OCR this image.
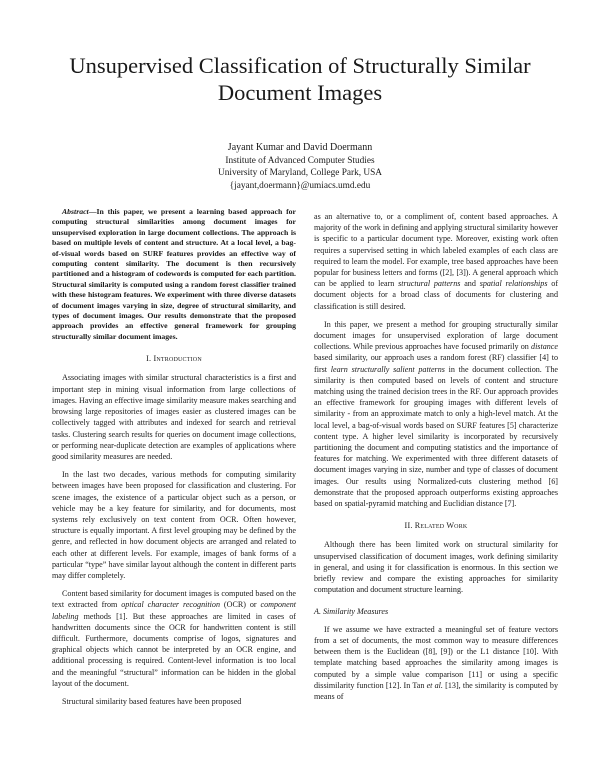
Unsupervised Classification of Structurally Similar Document Images
Jayant Kumar and David Doermann
Institute of Advanced Computer Studies
University of Maryland, College Park, USA
{jayant,doermann}@umiacs.umd.edu

Abstract—In this paper, we present a learning based approach for computing structural similarities among document images for unsupervised exploration in large document collections. The approach is based on multiple levels of content and structure. At a local level, a bag-of-visual words based on SURF features provides an effective way of computing content similarity. The document is then recursively partitioned and a histogram of codewords is computed for each partition. Structural similarity is computed using a random forest classifier trained with these histogram features. We experiment with three diverse datasets of document images varying in size, degree of structural similarity, and types of document images. Our results demonstrate that the proposed approach provides an effective general framework for grouping structurally similar document images.

I. Introduction

Associating images with similar structural characteristics is a first and important step in mining visual information from large collections of images. Having an effective image similarity measure makes searching and browsing large repositories of images easier as clustered images can be collectively tagged with attributes and indexed for search and retrieval tasks. Clustering search results for queries on document image collections, or performing near-duplicate detection are examples of applications where good similarity measures are needed.

In the last two decades, various methods for computing similarity between images have been proposed for classification and clustering. For scene images, the existence of a particular object such as a person, or vehicle may be a key feature for similarity, and for documents, most systems rely exclusively on text content from OCR. Often however, structure is equally important. A first level grouping may be defined by the genre, and reflected in how document objects are arranged and related to each other at different levels. For example, images of bank forms of a particular “type” have similar layout although the content in different parts may differ completely.

Content based similarity for document images is computed based on the text extracted from optical character recognition (OCR) or component labeling methods [1]. But these approaches are limited in cases of handwritten documents since the OCR for handwritten content is still difficult. Furthermore, documents comprise of logos, signatures and graphical objects which cannot be interpreted by an OCR engine, and additional processing is required. Content-level information is too local and the meaningful “structural” information can be hidden in the global layout of the document.

Structural similarity based features have been proposed

as an alternative to, or a compliment of, content based approaches. A majority of the work in defining and applying structural similarity however is specific to a particular document type. Moreover, existing work often requires a supervised setting in which labeled examples of each class are required to learn the model. For example, tree based approaches have been popular for business letters and forms ([2], [3]). A general approach which can be applied to learn structural patterns and spatial relationships of document objects for a broad class of documents for clustering and classification is still desired.

In this paper, we present a method for grouping structurally similar document images for unsupervised exploration of large document collections. While previous approaches have focused primarily on distance based similarity, our approach uses a random forest (RF) classifier [4] to first learn structurally salient patterns in the document collection. The similarity is then computed based on levels of content and structure matching using the trained decision trees in the RF. Our approach provides an effective framework for grouping images with different levels of similarity - from an approximate match to only a high-level match. At the local level, a bag-of-visual words based on SURF features [5] characterize content type. A higher level similarity is incorporated by recursively partitioning the document and computing statistics and the importance of features for matching. We experimented with three different datasets of document images varying in size, number and type of classes of document images. Our results using Normalized-cuts clustering method [6] demonstrate that the proposed approach outperforms existing approaches based on spatial-pyramid matching and Euclidian distance [7].

II. Related Work

Although there has been limited work on structural similarity for unsupervised classification of document images, work defining similarity in general, and using it for classification is enormous. In this section we briefly review and compare the existing approaches for similarity computation and document structure learning.

A. Similarity Measures

If we assume we have extracted a meaningful set of feature vectors from a set of documents, the most common way to measure differences between them is the Euclidean ([8], [9]) or the L1 distance [10]. With template matching based approaches the similarity among images is computed by a simple value comparison [11] or using a specific dissimilarity function [12]. In Tan et al. [13], the similarity is computed by means of
